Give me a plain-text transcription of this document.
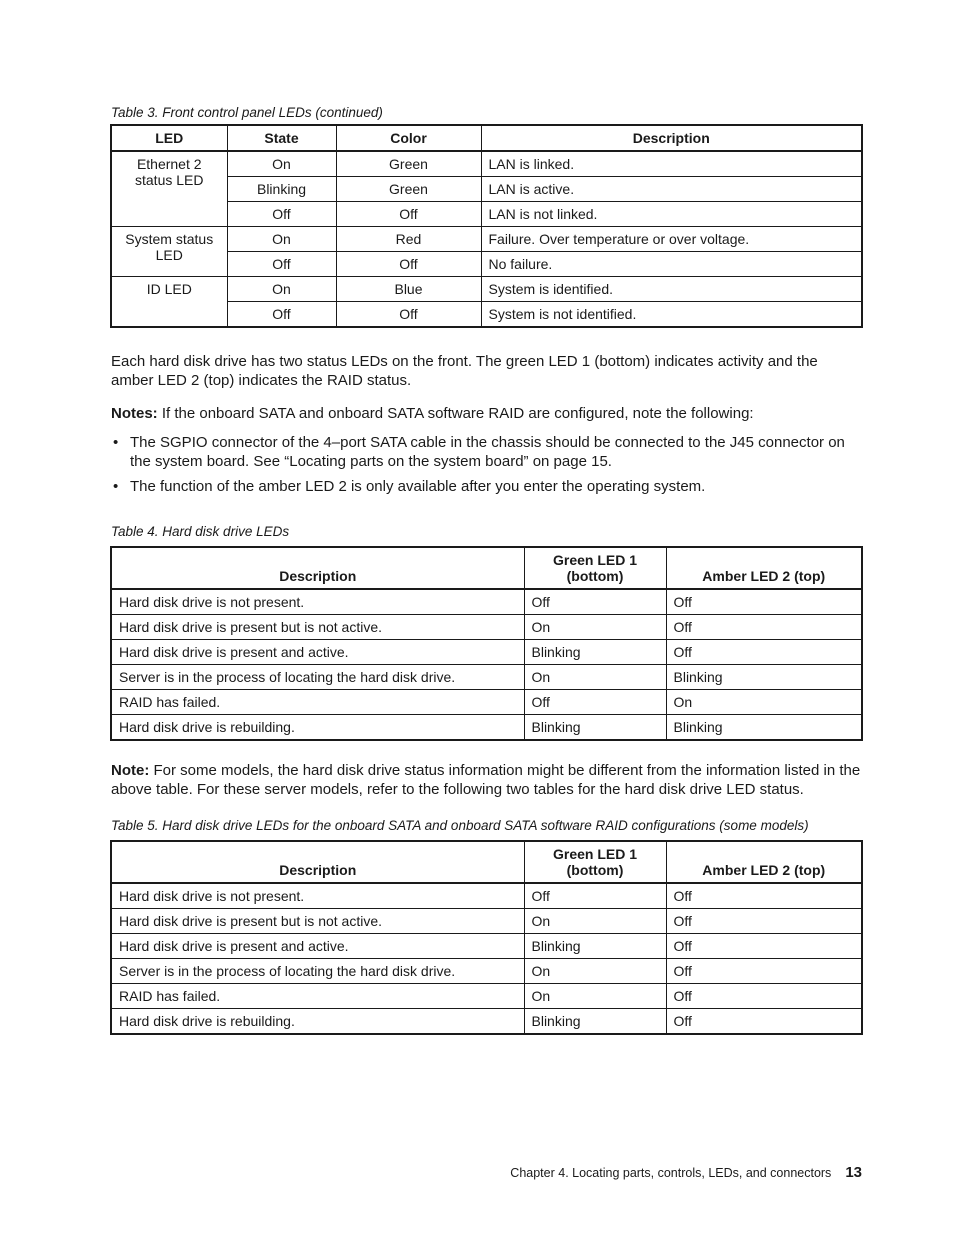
Table 3. Front control panel LEDs (continued)
LED	State	Color	Description
Ethernet 2 status LED	On	Green	LAN is linked.
	Blinking	Green	LAN is active.
	Off	Off	LAN is not linked.
System status LED	On	Red	Failure. Over temperature or over voltage.
	Off	Off	No failure.
ID LED	On	Blue	System is identified.
	Off	Off	System is not identified.
Each hard disk drive has two status LEDs on the front. The green LED 1 (bottom) indicates activity and the amber LED 2 (top) indicates the RAID status.
Notes: If the onboard SATA and onboard SATA software RAID are configured, note the following:
• The SGPIO connector of the 4–port SATA cable in the chassis should be connected to the J45 connector on the system board. See “Locating parts on the system board” on page 15.
• The function of the amber LED 2 is only available after you enter the operating system.
Table 4. Hard disk drive LEDs
Description	Green LED 1 (bottom)	Amber LED 2 (top)
Hard disk drive is not present.	Off	Off
Hard disk drive is present but is not active.	On	Off
Hard disk drive is present and active.	Blinking	Off
Server is in the process of locating the hard disk drive.	On	Blinking
RAID has failed.	Off	On
Hard disk drive is rebuilding.	Blinking	Blinking
Note: For some models, the hard disk drive status information might be different from the information listed in the above table. For these server models, refer to the following two tables for the hard disk drive LED status.
Table 5. Hard disk drive LEDs for the onboard SATA and onboard SATA software RAID configurations (some models)
Description	Green LED 1 (bottom)	Amber LED 2 (top)
Hard disk drive is not present.	Off	Off
Hard disk drive is present but is not active.	On	Off
Hard disk drive is present and active.	Blinking	Off
Server is in the process of locating the hard disk drive.	On	Off
RAID has failed.	On	Off
Hard disk drive is rebuilding.	Blinking	Off
Chapter 4. Locating parts, controls, LEDs, and connectors 13
